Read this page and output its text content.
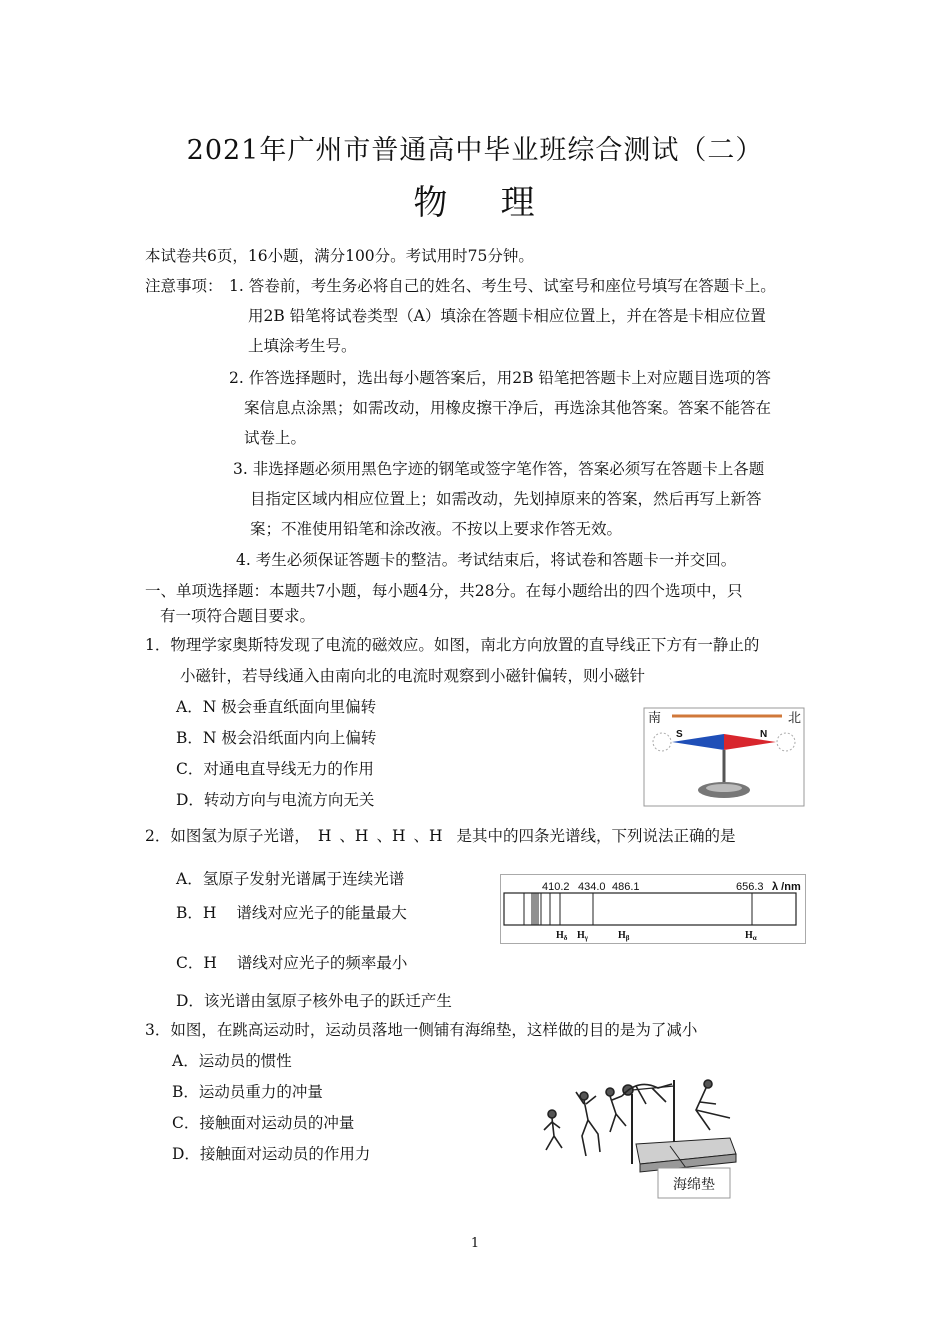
2021年广州市普通高中毕业班综合测试（二）
物    理
本试卷共6页，16小题，满分100分。考试用时75分钟。
注意事项： 1. 答卷前，考生务必将自己的姓名、考生号、试室号和座位号填写在答题卡上。
用2B 铅笔将试卷类型（A）填涂在答题卡相应位置上，并在答是卡相应位置
上填涂考生号。
2. 作答选择题时，选出每小题答案后，用2B 铅笔把答题卡上对应题目选项的答
案信息点涂黑；如需改动，用橡皮擦干净后，再选涂其他答案。答案不能答在
试卷上。
3. 非选择题必须用黑色字迹的钢笔或签字笔作答，答案必须写在答题卡上各题
目指定区域内相应位置上；如需改动，先划掉原来的答案，然后再写上新答
案；不准使用铅笔和涂改液。不按以上要求作答无效。
4. 考生必须保证答题卡的整洁。考试结束后，将试卷和答题卡一并交回。
一、单项选择题：本题共7小题，每小题4分，共28分。在每小题给出的四个选项中，只
有一项符合题目要求。
1．物理学家奥斯特发现了电流的磁效应。如图，南北方向放置的直导线正下方有一静止的
小磁针，若导线通入由南向北的电流时观察到小磁针偏转，则小磁针
A．N 极会垂直纸面向里偏转
B．N 极会沿纸面内向上偏转
C．对通电直导线无力的作用
D．转动方向与电流方向无关
南	北
S	N
2．如图氢为原子光谱， H 、H 、H 、H 是其中的四条光谱线，下列说法正确的是
A．氢原子发射光谱属于连续光谱
B．H 谱线对应光子的能量最大
C．H 谱线对应光子的频率最小
D．该光谱由氢原子核外电子的跃迁产生
410.2 434.0 486.1	656.3 λ /nm
$H_\delta$ $H_\gamma$	$H_\beta$	$H_\alpha$
3．如图，在跳高运动时，运动员落地一侧铺有海绵垫，这样做的目的是为了减小
A．运动员的惯性
B．运动员重力的冲量
C．接触面对运动员的冲量
D．接触面对运动员的作用力
海绵垫
1
